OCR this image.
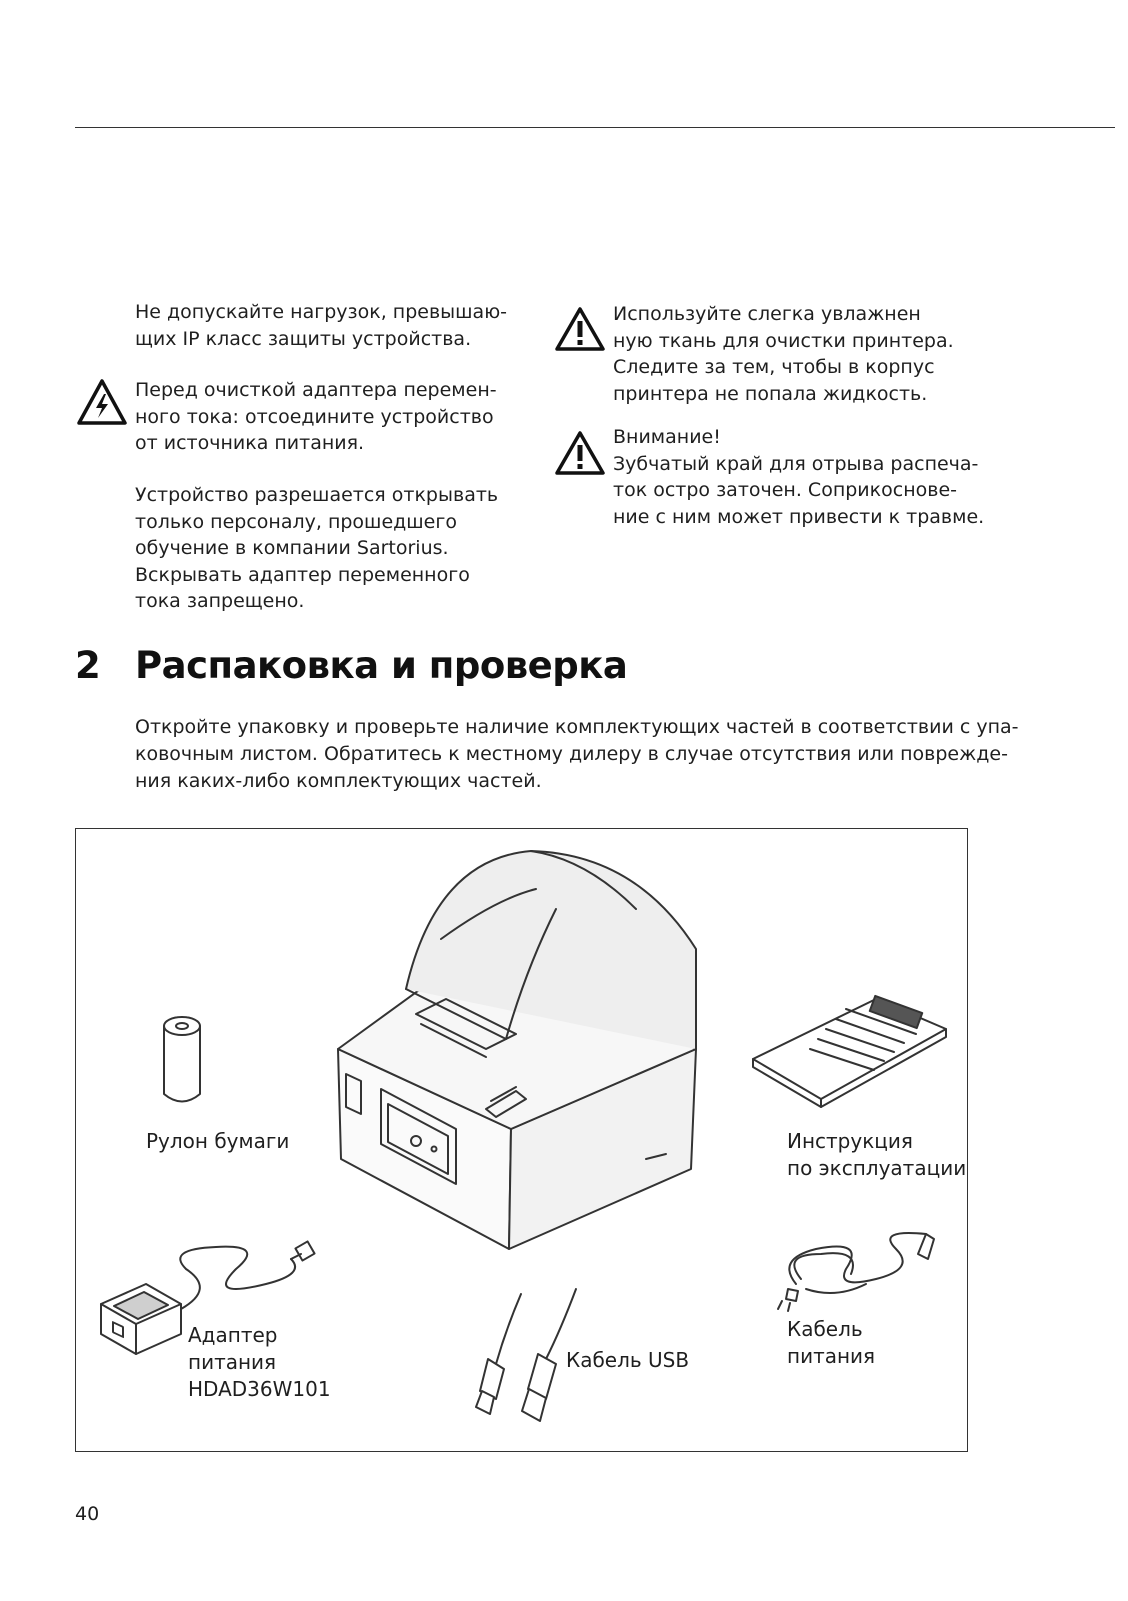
Не допускайте нагрузок, превышаю-
щих IP класс защиты устройства.
Перед очисткой адаптера перемен-
ного тока: отсоедините устройство
от источника питания.
Устройство разрешается открывать
только персоналу, прошедшего
обучение в компании Sartorius.
Вскрывать адаптер переменного
тока запрещено.
Используйте слегка увлажнен
ную ткань для очистки принтера.
Следите за тем, чтобы в корпус
принтера не попала жидкость.
Внимание!
Зубчатый край для отрыва распеча-
ток остро заточен. Соприкоснове-
ние с ним может привести к травме.
2 Распаковка и проверка
Откройте упаковку и проверьте наличие комплектующих частей в соответствии с упа-
ковочным листом. Обратитесь к местному дилеру в случае отсутствия или поврежде-
ния каких-либо комплектующих частей.
Рулон бумаги	Инструкция
по эксплуатации
Адаптер
питания
HDAD36W101
Кабель USB
Кабель
питания
40
